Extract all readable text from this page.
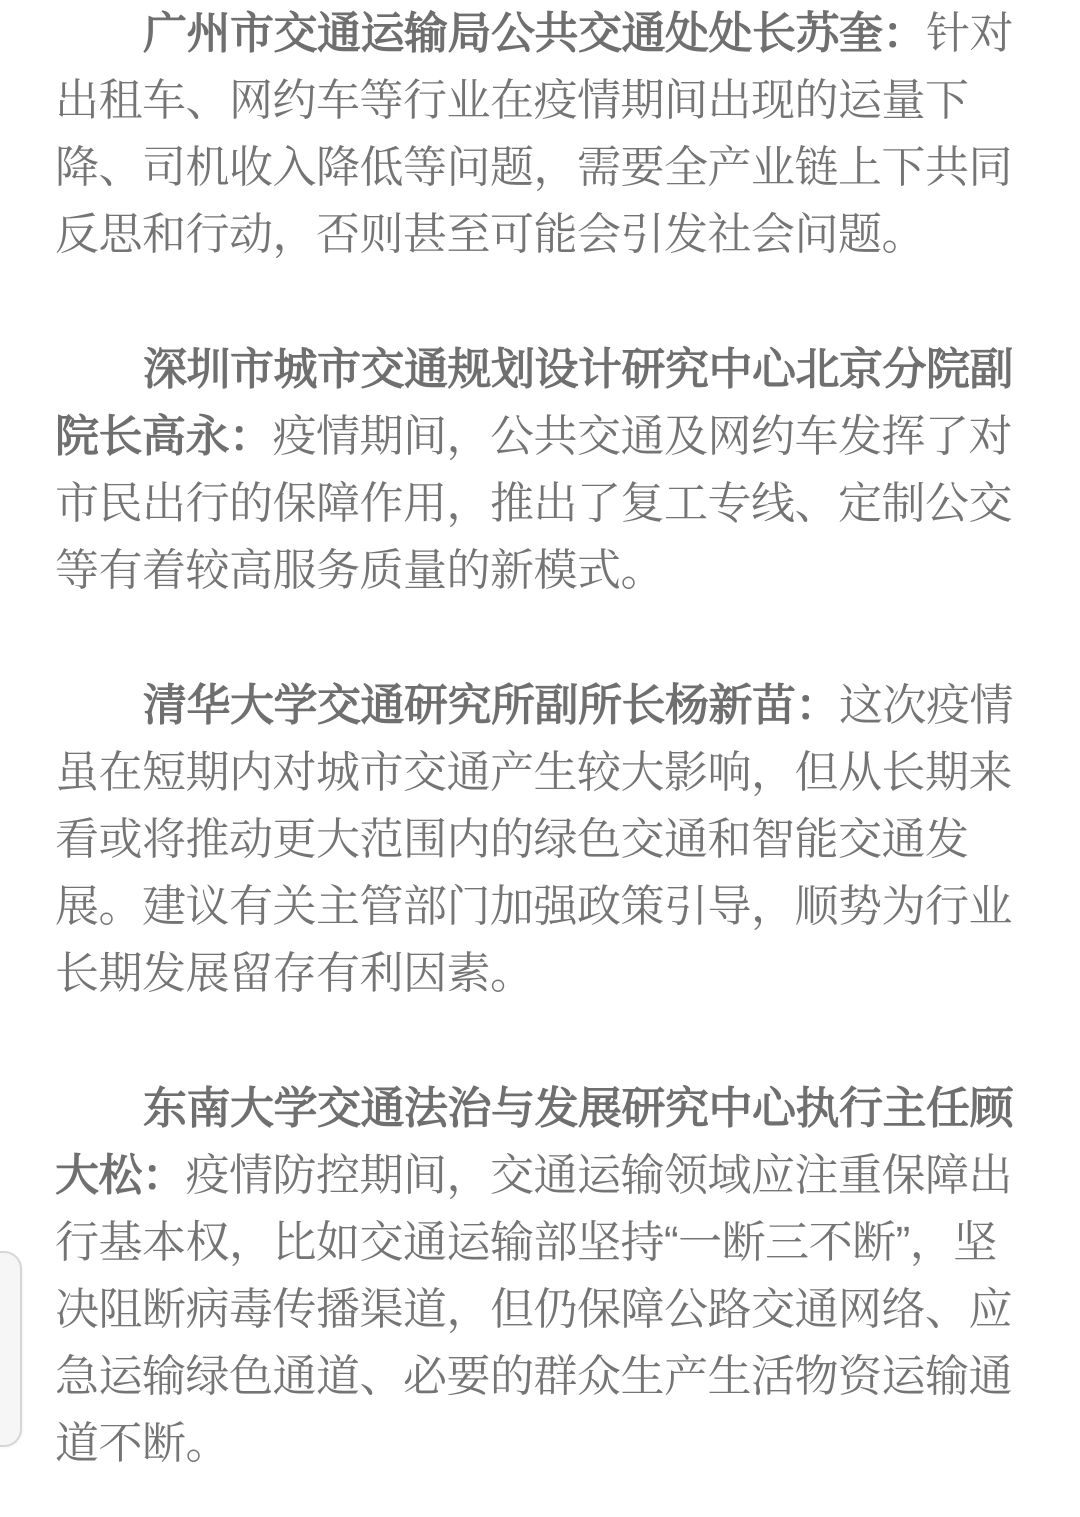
广州市交通运输局公共交通处处长苏奎：针对出租车、网约车等行业在疫情期间出现的运量下降、司机收入降低等问题，需要全产业链上下共同反思和行动，否则甚至可能会引发社会问题。

深圳市城市交通规划设计研究中心北京分院副院长高永：疫情期间，公共交通及网约车发挥了对市民出行的保障作用，推出了复工专线、定制公交等有着较高服务质量的新模式。

清华大学交通研究所副所长杨新苗：这次疫情虽在短期内对城市交通产生较大影响，但从长期来看或将推动更大范围内的绿色交通和智能交通发展。建议有关主管部门加强政策引导，顺势为行业长期发展留存有利因素。

东南大学交通法治与发展研究中心执行主任顾大松：疫情防控期间，交通运输领域应注重保障出行基本权，比如交通运输部坚持“一断三不断”，坚决阻断病毒传播渠道，但仍保障公路交通网络、应急运输绿色通道、必要的群众生产生活物资运输通道不断。
